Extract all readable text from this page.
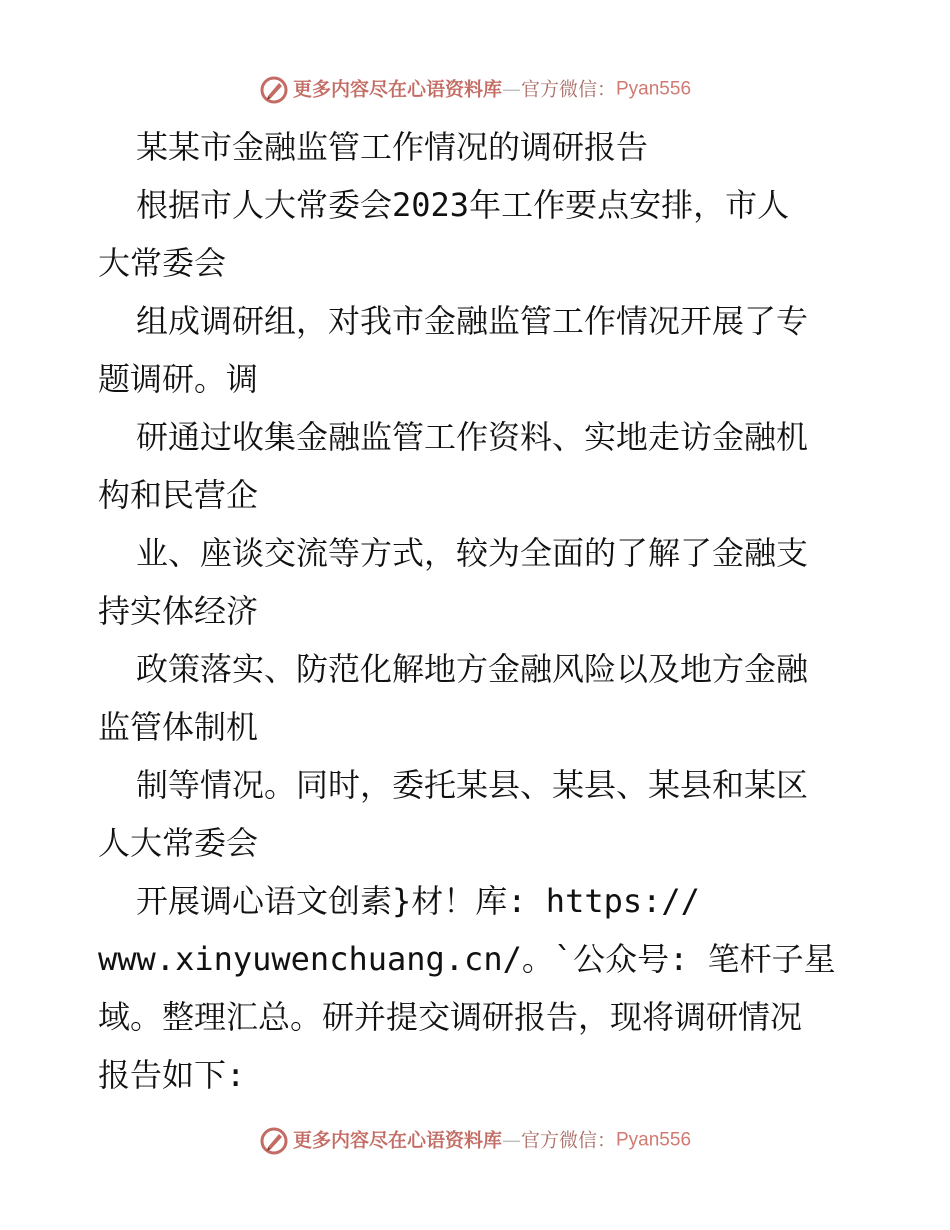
更多内容尽在心语资料库—官方微信：Pyan556
某某市金融监管工作情况的调研报告
根据市人大常委会2023年工作要点安排，市人
大常委会
组成调研组，对我市金融监管工作情况开展了专
题调研。调
研通过收集金融监管工作资料、实地走访金融机
构和民营企
业、座谈交流等方式，较为全面的了解了金融支
持实体经济
政策落实、防范化解地方金融风险以及地方金融
监管体制机
制等情况。同时，委托某县、某县、某县和某区
人大常委会
开展调心语文创素}材！库: https://
www.xinyuwenchuang.cn/。`公众号: 笔杆子星
域。整理汇总。研并提交调研报告，现将调研情况
报告如下:
更多内容尽在心语资料库—官方微信：Pyan556
